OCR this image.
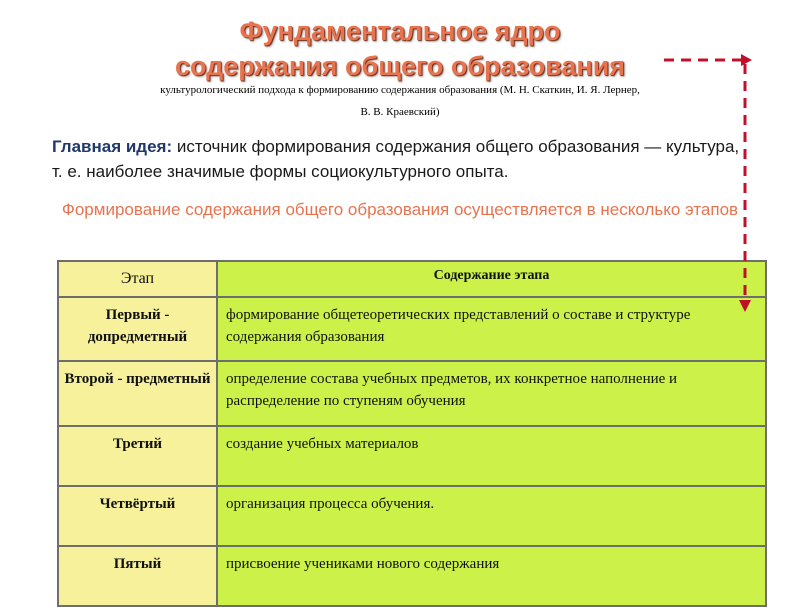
Фундаментальное ядро
содержания общего образования
культурологический подхода к формированию содержания образования (М. Н. Скаткин, И. Я. Лернер,
В. В. Краевский)
Главная идея: источник формирования содержания общего образования — культура, т. е. наиболее значимые формы социокультурного опыта.
Формирование содержания общего образования осуществляется в несколько этапов
Этап	Содержание этапа
Первый - допредметный	формирование общетеоретических представлений о составе и структуре содержания образования
Второй - предметный	определение состава учебных предметов, их конкретное наполнение и распределение по ступеням обучения
Третий	создание учебных материалов
Четвёртый	организация процесса обучения.
Пятый	присвоение учениками нового содержания
